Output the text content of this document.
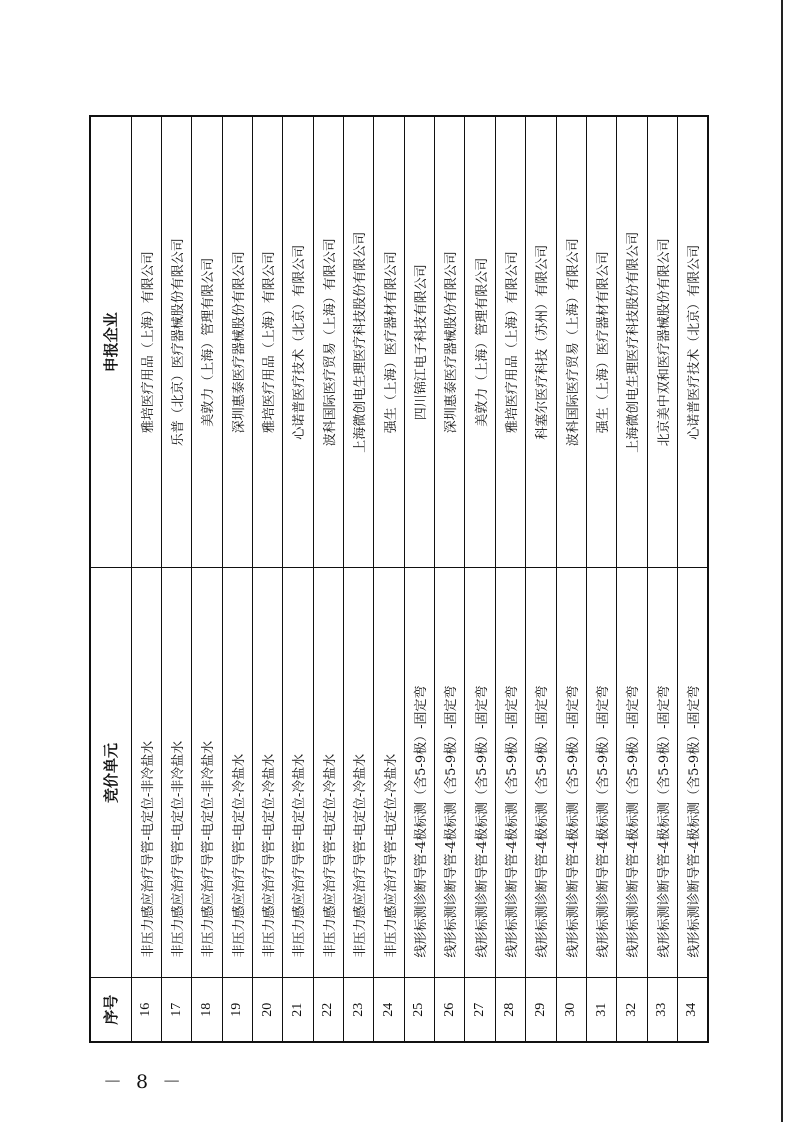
序号	竞价单元	申报企业
16	非压力感应治疗导管-电定位-非冷盐水	雅培医疗用品（上海）有限公司
17	非压力感应治疗导管-电定位-非冷盐水	乐普（北京）医疗器械股份有限公司
18	非压力感应治疗导管-电定位-非冷盐水	美敦力（上海）管理有限公司
19	非压力感应治疗导管-电定位-冷盐水	深圳惠泰医疗器械股份有限公司
20	非压力感应治疗导管-电定位-冷盐水	雅培医疗用品（上海）有限公司
21	非压力感应治疗导管-电定位-冷盐水	心诺普医疗技术（北京）有限公司
22	非压力感应治疗导管-电定位-冷盐水	波科国际医疗贸易（上海）有限公司
23	非压力感应治疗导管-电定位-冷盐水	上海微创电生理医疗科技股份有限公司
24	非压力感应治疗导管-电定位-冷盐水	强生（上海）医疗器材有限公司
25	线形标测诊断导管-4极标测（含5-9极）-固定弯	四川锦江电子科技有限公司
26	线形标测诊断导管-4极标测（含5-9极）-固定弯	深圳惠泰医疗器械股份有限公司
27	线形标测诊断导管-4极标测（含5-9极）-固定弯	美敦力（上海）管理有限公司
28	线形标测诊断导管-4极标测（含5-9极）-固定弯	雅培医疗用品（上海）有限公司
29	线形标测诊断导管-4极标测（含5-9极）-固定弯	科塞尔医疗科技（苏州）有限公司
30	线形标测诊断导管-4极标测（含5-9极）-固定弯	波科国际医疗贸易（上海）有限公司
31	线形标测诊断导管-4极标测（含5-9极）-固定弯	强生（上海）医疗器材有限公司
32	线形标测诊断导管-4极标测（含5-9极）-固定弯	上海微创电生理医疗科技股份有限公司
33	线形标测诊断导管-4极标测（含5-9极）-固定弯	北京美中双和医疗器械股份有限公司
34	线形标测诊断导管-4极标测（含5-9极）-固定弯	心诺普医疗技术（北京）有限公司
－ 8 －
